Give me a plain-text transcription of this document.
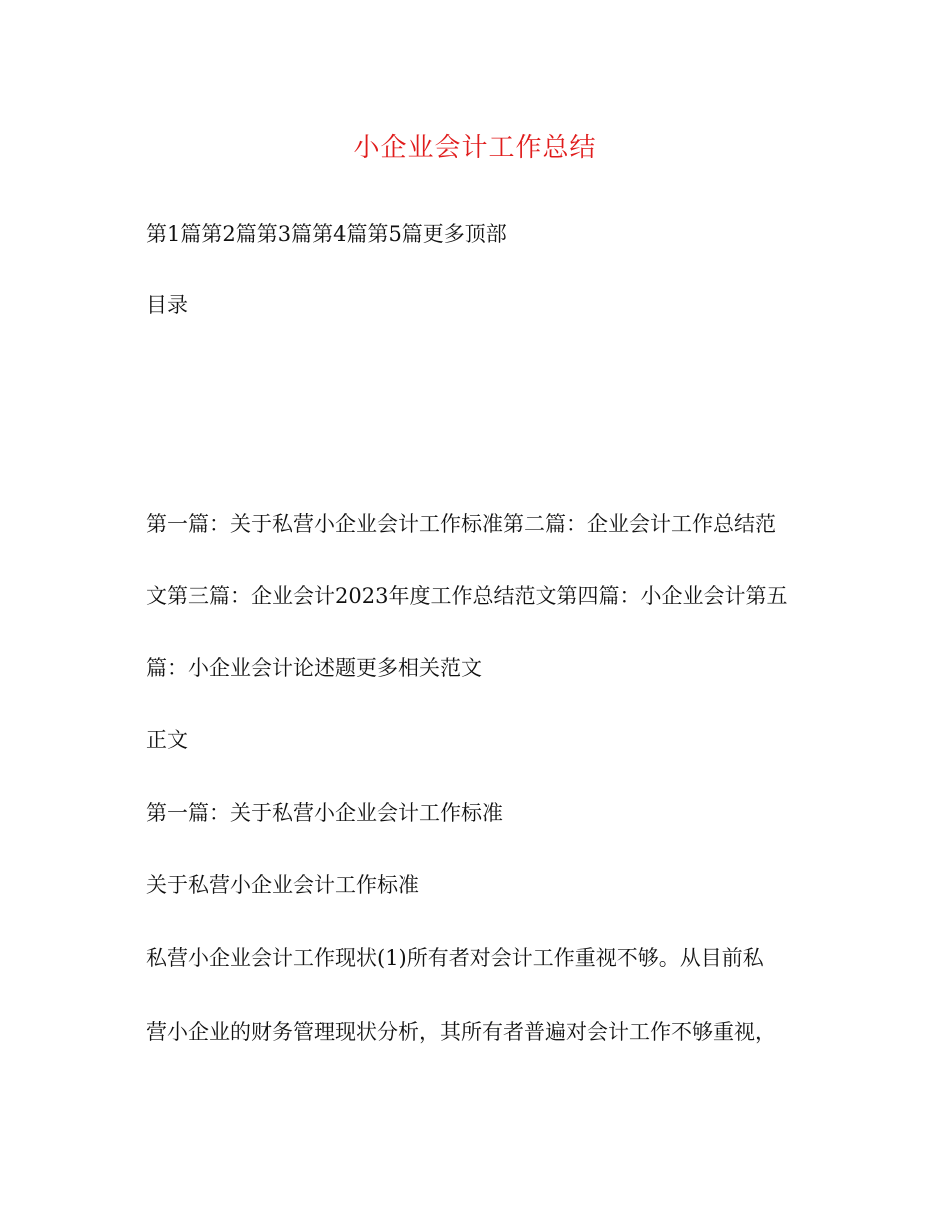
小企业会计工作总结
第1篇第2篇第3篇第4篇第5篇更多顶部
目录
第一篇：关于私营小企业会计工作标准第二篇：企业会计工作总结范
文第三篇：企业会计2023年度工作总结范文第四篇：小企业会计第五
篇：小企业会计论述题更多相关范文
正文
第一篇：关于私营小企业会计工作标准
关于私营小企业会计工作标准
私营小企业会计工作现状(1)所有者对会计工作重视不够。从目前私
营小企业的财务管理现状分析，其所有者普遍对会计工作不够重视，
